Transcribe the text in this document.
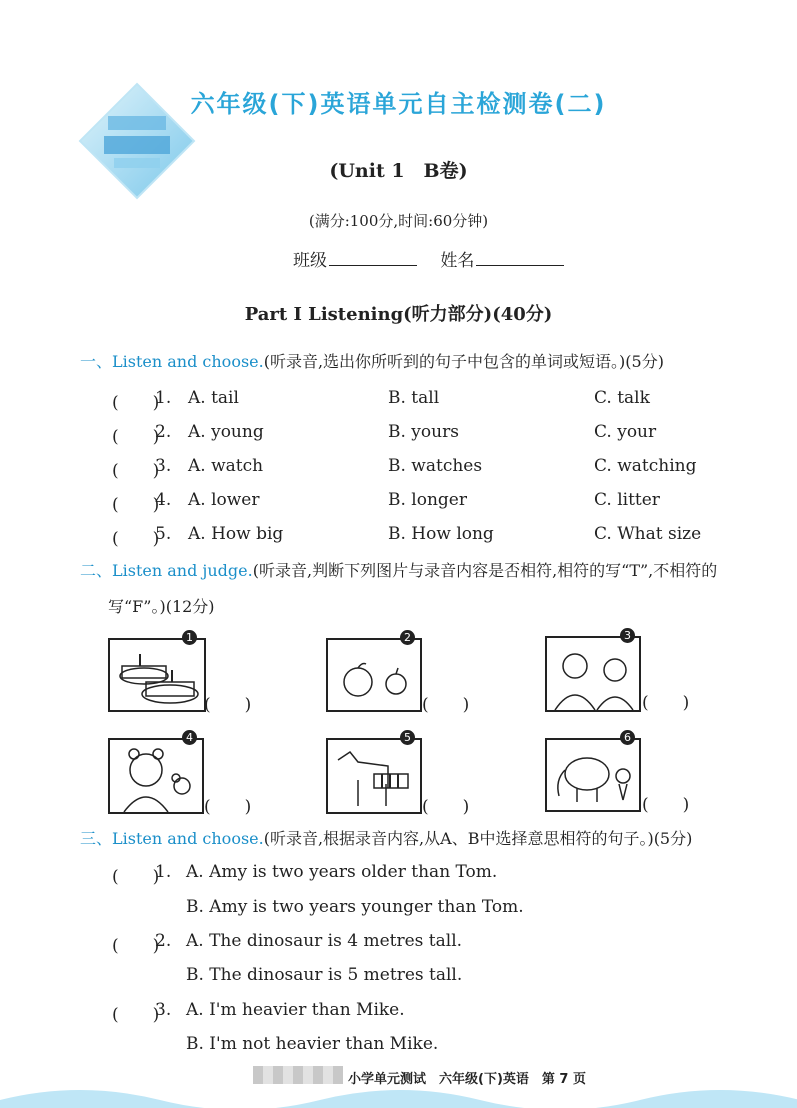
六年级(下)英语单元自主检测卷(二)
(Unit 1　B卷)
(满分:100分,时间:60分钟)
班级	姓名
Part Ⅰ Listening(听力部分)(40分)
一、Listen and choose.(听录音,选出你所听到的句子中包含的单词或短语。)(5分)
(　　)
1. A. tail	B. tall	C. talk
(　　)
2. A. young	B. yours	C. your
(　　)
3. A. watch	B. watches	C. watching
(　　)
4. A. lower	B. longer	C. litter
(　　)
5. A. How big	B. How long	C. What size
二、Listen and judge.(听录音,判断下列图片与录音内容是否相符,相符的写“T”,不相符的
写“F”。)(12分)
1
(　　)
2
(　　)
3
(　　)
4
(　　)
5
(　　)
6
(　　)
三、Listen and choose.(听录音,根据录音内容,从A、B中选择意思相符的句子。)(5分)
(　　)
1. A. Amy is two years older than Tom.
B. Amy is two years younger than Tom.
(　　)
2. A. The dinosaur is 4 metres tall.
B. The dinosaur is 5 metres tall.
(　　)
3. A. I'm heavier than Mike.
B. I'm not heavier than Mike.
小学单元测试　六年级(下)英语　第 7 页
